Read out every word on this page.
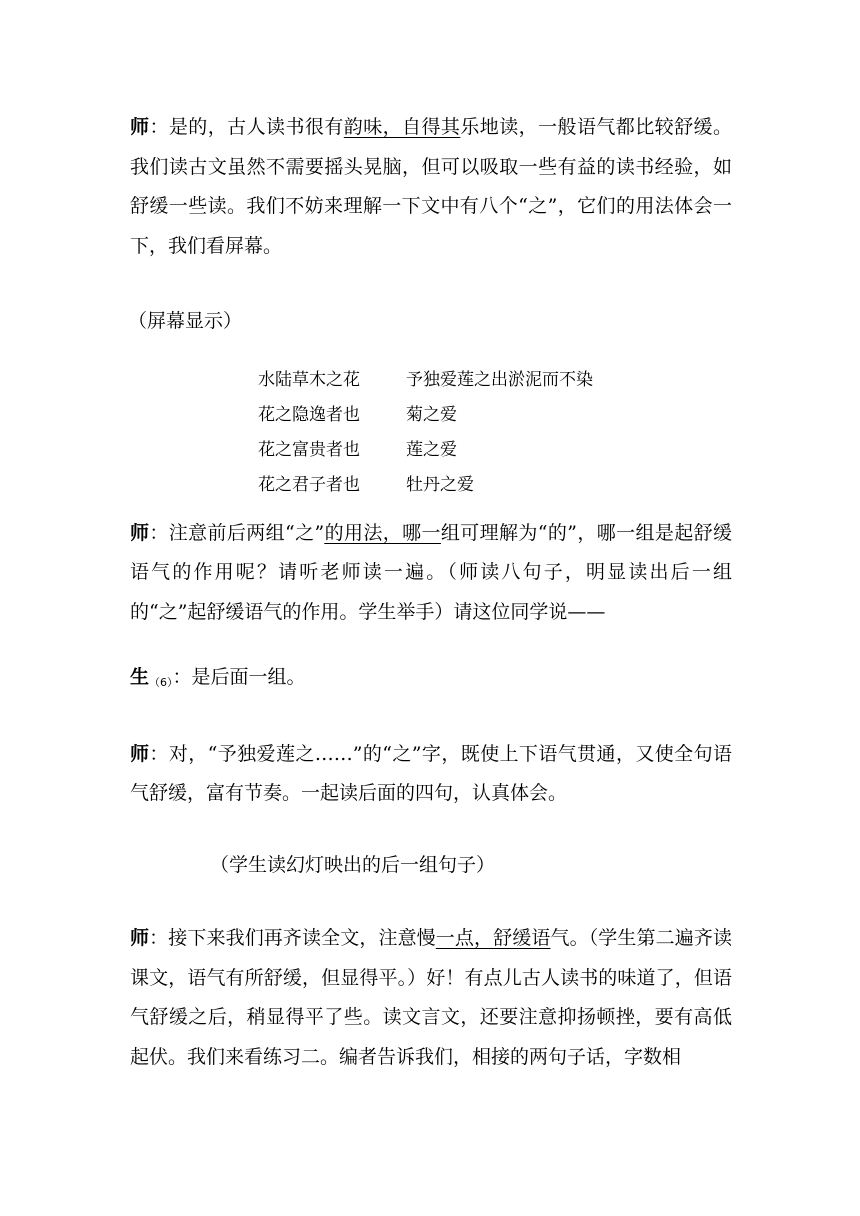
师：是的，古人读书很有韵味，自得其乐地读，一般语气都比较舒缓。我们读古文虽然不需要摇头晃脑，但可以吸取一些有益的读书经验，如舒缓一些读。我们不妨来理解一下文中有八个“之”，它们的用法体会一下，我们看屏幕。

（屏幕显示）

水陆草木之花	予独爱莲之出淤泥而不染
花之隐逸者也	菊之爱
花之富贵者也	莲之爱
花之君子者也	牡丹之爱

师：注意前后两组“之”的用法，哪一组可理解为“的”，哪一组是起舒缓语气的作用呢？请听老师读一遍。（师读八句子，明显读出后一组的“之”起舒缓语气的作用。学生举手）请这位同学说——

生$_{(6)}$：是后面一组。

师：对，“予独爱莲之……”的“之”字，既使上下语气贯通，又使全句语气舒缓，富有节奏。一起读后面的四句，认真体会。

（学生读幻灯映出的后一组句子）

师：接下来我们再齐读全文，注意慢一点，舒缓语气。（学生第二遍齐读课文，语气有所舒缓，但显得平。）好！有点儿古人读书的味道了，但语气舒缓之后，稍显得平了些。读文言文，还要注意抑扬顿挫，要有高低起伏。我们来看练习二。编者告诉我们，相接的两句子话，字数相
